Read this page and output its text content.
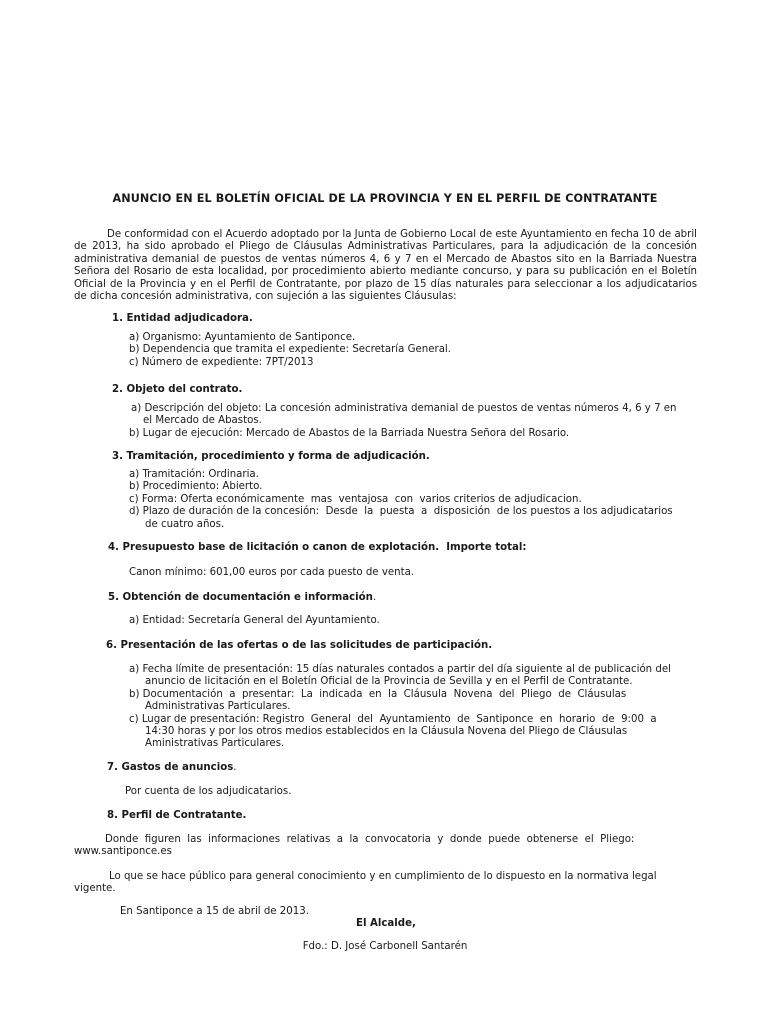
ANUNCIO EN EL BOLETÍN OFICIAL DE LA PROVINCIA Y EN EL PERFIL DE CONTRATANTE
De conformidad con el Acuerdo adoptado por la Junta de Gobierno Local de este Ayuntamiento en fecha 10 de abril de 2013, ha sido aprobado el Pliego de Cláusulas Administrativas Particulares, para la adjudicación de la concesión administrativa demanial de puestos de ventas números 4, 6 y 7 en el Mercado de Abastos sito en la Barriada Nuestra Señora del Rosario de esta localidad, por procedimiento abierto mediante concurso, y para su publicación en el Boletín Oficial de la Provincia y en el Perfil de Contratante, por plazo de 15 días naturales para seleccionar a los adjudicatarios de dicha concesión administrativa, con sujeción a las siguientes Cláusulas:
1. Entidad adjudicadora.
a) Organismo: Ayuntamiento de Santiponce.
b) Dependencia que tramita el expediente: Secretaría General.
c) Número de expediente: 7PT/2013
2. Objeto del contrato.
a) Descripción del objeto: La concesión administrativa demanial de puestos de ventas números 4, 6 y 7 en
el Mercado de Abastos.
b) Lugar de ejecución: Mercado de Abastos de la Barriada Nuestra Señora del Rosario.
3. Tramitación, procedimiento y forma de adjudicación.
a) Tramitación: Ordinaria.
b) Procedimiento: Abierto.
c) Forma: Oferta económicamente  mas  ventajosa  con  varios criterios de adjudicacion.
d) Plazo de duración de la concesión:  Desde  la  puesta  a  disposición  de los puestos a los adjudicatarios
de cuatro años.
4. Presupuesto base de licitación o canon de explotación.  Importe total:
Canon mínimo: 601,00 euros por cada puesto de venta.
5. Obtención de documentación e información.
a) Entidad: Secretaría General del Ayuntamiento.
6. Presentación de las ofertas o de las solicitudes de participación.
a) Fecha límite de presentación: 15 días naturales contados a partir del día siguiente al de publicación del
anuncio de licitación en el Boletín Oficial de la Provincia de Sevilla y en el Perfil de Contratante.
b) Documentación  a  presentar:  La  indicada  en  la  Cláusula  Novena  del  Pliego  de  Cláusulas
Administrativas Particulares.
c) Lugar de presentación: Registro  General  del  Ayuntamiento  de  Santiponce  en  horario  de  9:00  a
14:30 horas y por los otros medios establecidos en la Cláusula Novena del Pliego de Cláusulas
Aministrativas Particulares.
7. Gastos de anuncios.
Por cuenta de los adjudicatarios.
8. Perfil de Contratante.
Donde  figuren  las  informaciones  relativas  a  la  convocatoria  y  donde  puede  obtenerse  el  Pliego:
www.santiponce.es
Lo que se hace público para general conocimiento y en cumplimiento de lo dispuesto en la normativa legal
vigente.
En Santiponce a 15 de abril de 2013.
El Alcalde,
Fdo.: D. José Carbonell Santarén
